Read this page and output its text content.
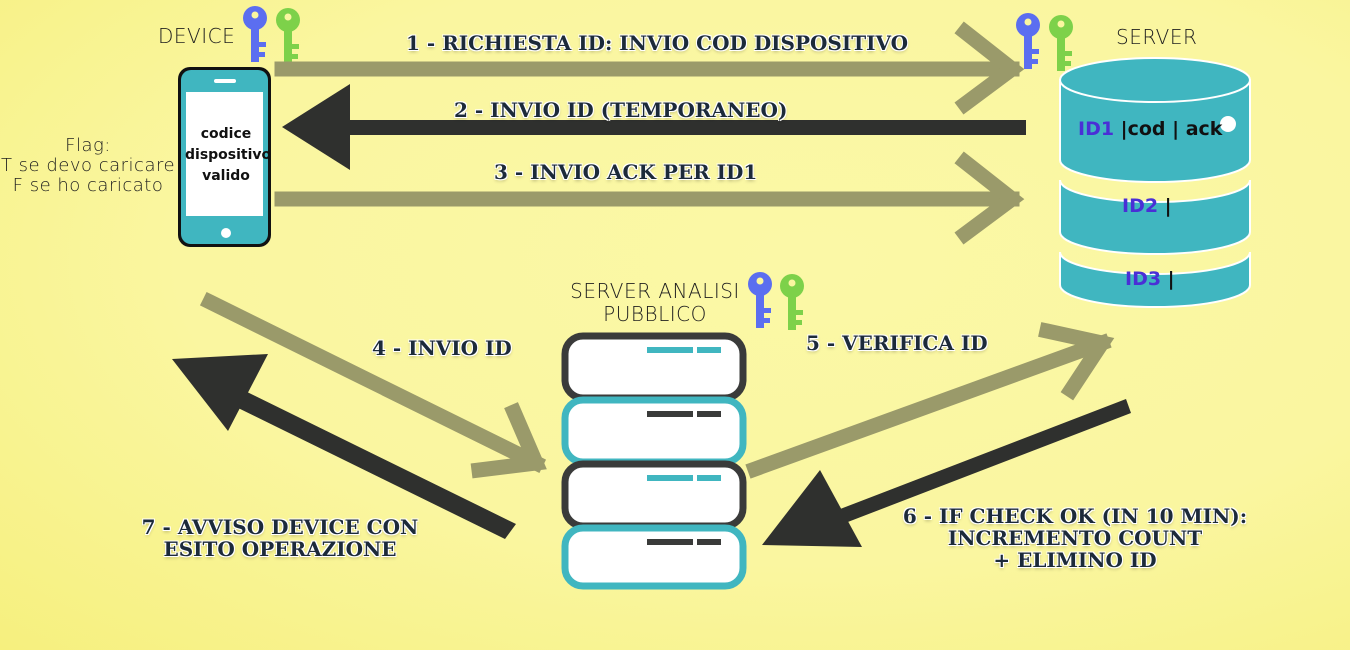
DEVICE
Flag:
T se devo caricare
F se ho caricato
codice
dispositivo
valido
SERVER
ID1 |cod | ack
ID2 |
ID3 |
SERVER ANALISI
PUBBLICO
1 - RICHIESTA ID: INVIO COD DISPOSITIVO
2 - INVIO ID (TEMPORANEO)
3 - INVIO ACK PER ID1
4 - INVIO ID	5 - VERIFICA ID
6 - IF CHECK OK (IN 10 MIN):
INCREMENTO COUNT
+ ELIMINO ID
7 - AVVISO DEVICE CON
ESITO OPERAZIONE
